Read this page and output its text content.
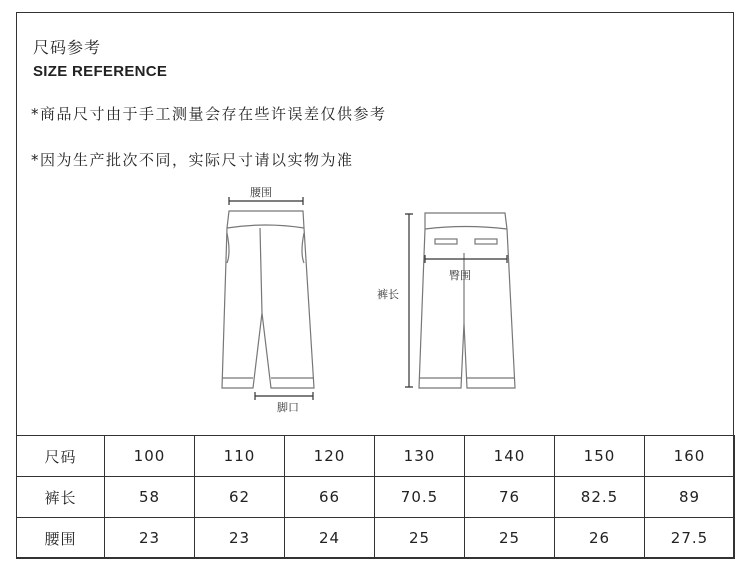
尺码参考
SIZE REFERENCE
*商品尺寸由于手工测量会存在些许误差仅供参考
*因为生产批次不同，实际尺寸请以实物为准
腰围
脚口
裤长
臀围
尺码	100	110	120	130	140	150	160
裤长	58	62	66	70.5	76	82.5	89
腰围	23	23	24	25	25	26	27.5
